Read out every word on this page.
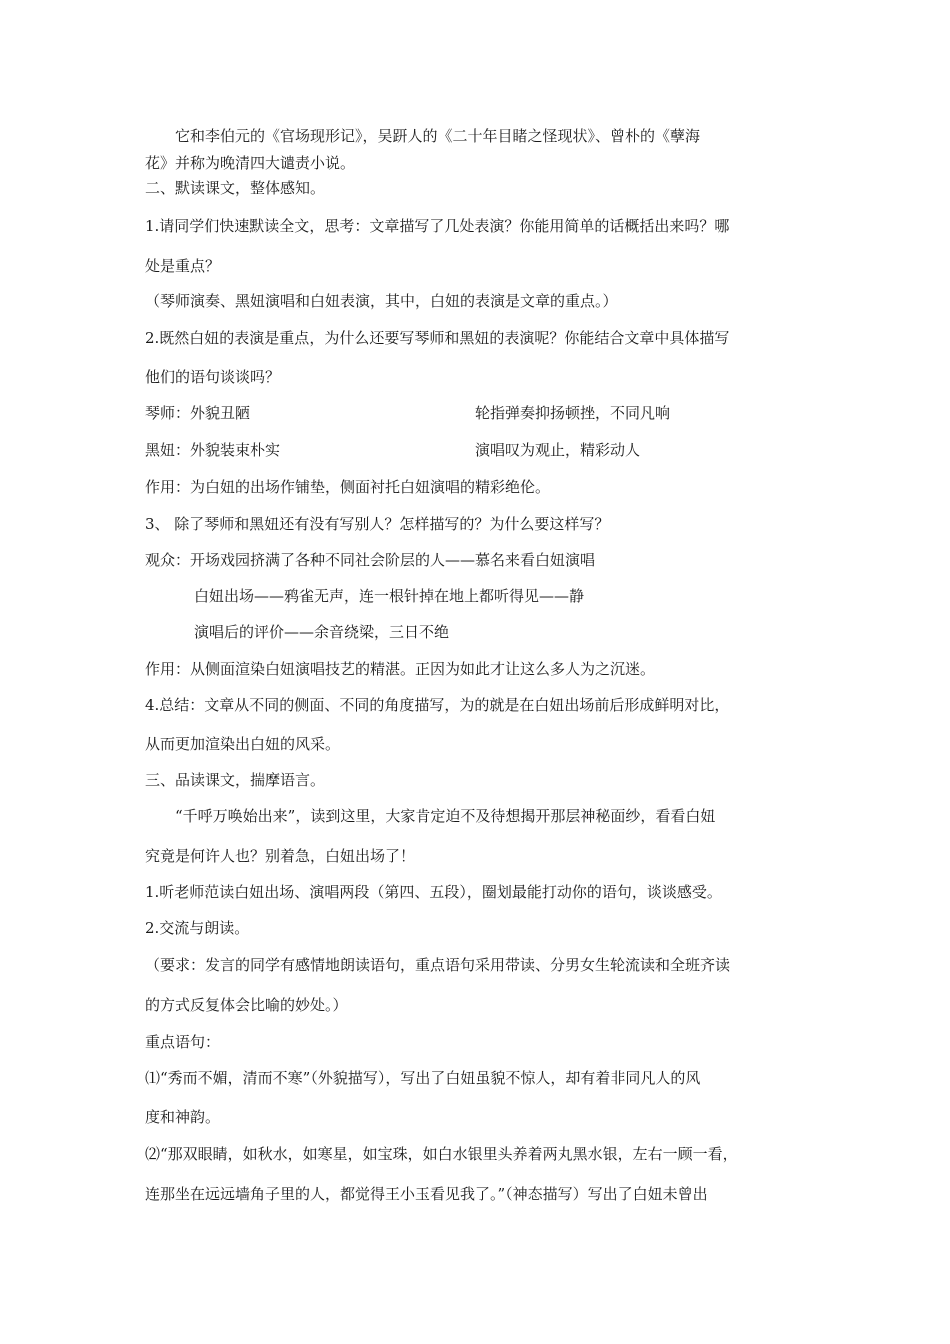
它和李伯元的《官场现形记》，吴趼人的《二十年目睹之怪现状》、曾朴的《孽海
花》并称为晚清四大谴责小说。
二、默读课文，整体感知。
1.请同学们快速默读全文，思考：文章描写了几处表演？你能用简单的话概括出来吗？哪
处是重点？
（琴师演奏、黑妞演唱和白妞表演，其中，白妞的表演是文章的重点。）
2.既然白妞的表演是重点，为什么还要写琴师和黑妞的表演呢？你能结合文章中具体描写
他们的语句谈谈吗？
琴师：外貌丑陋	轮指弹奏抑扬顿挫，不同凡响
黑妞：外貌装束朴实	演唱叹为观止，精彩动人
作用：为白妞的出场作铺垫，侧面衬托白妞演唱的精彩绝伦。
3、 除了琴师和黑妞还有没有写别人？怎样描写的？为什么要这样写？
观众：开场戏园挤满了各种不同社会阶层的人——慕名来看白妞演唱
白妞出场——鸦雀无声，连一根针掉在地上都听得见——静
演唱后的评价——余音绕梁，三日不绝
作用：从侧面渲染白妞演唱技艺的精湛。正因为如此才让这么多人为之沉迷。
4.总结：文章从不同的侧面、不同的角度描写，为的就是在白妞出场前后形成鲜明对比，
从而更加渲染出白妞的风采。
三、品读课文，揣摩语言。
“千呼万唤始出来”，读到这里，大家肯定迫不及待想揭开那层神秘面纱，看看白妞
究竟是何许人也？别着急，白妞出场了！
1.听老师范读白妞出场、演唱两段（第四、五段），圈划最能打动你的语句，谈谈感受。
2.交流与朗读。
（要求：发言的同学有感情地朗读语句，重点语句采用带读、分男女生轮流读和全班齐读
的方式反复体会比喻的妙处。）
重点语句：
⑴“秀而不媚，清而不寒”（外貌描写），写出了白妞虽貌不惊人，却有着非同凡人的风
度和神韵。
⑵“那双眼睛，如秋水，如寒星，如宝珠，如白水银里头养着两丸黑水银，左右一顾一看，
连那坐在远远墙角子里的人，都觉得王小玉看见我了。”（神态描写）写出了白妞未曾出
